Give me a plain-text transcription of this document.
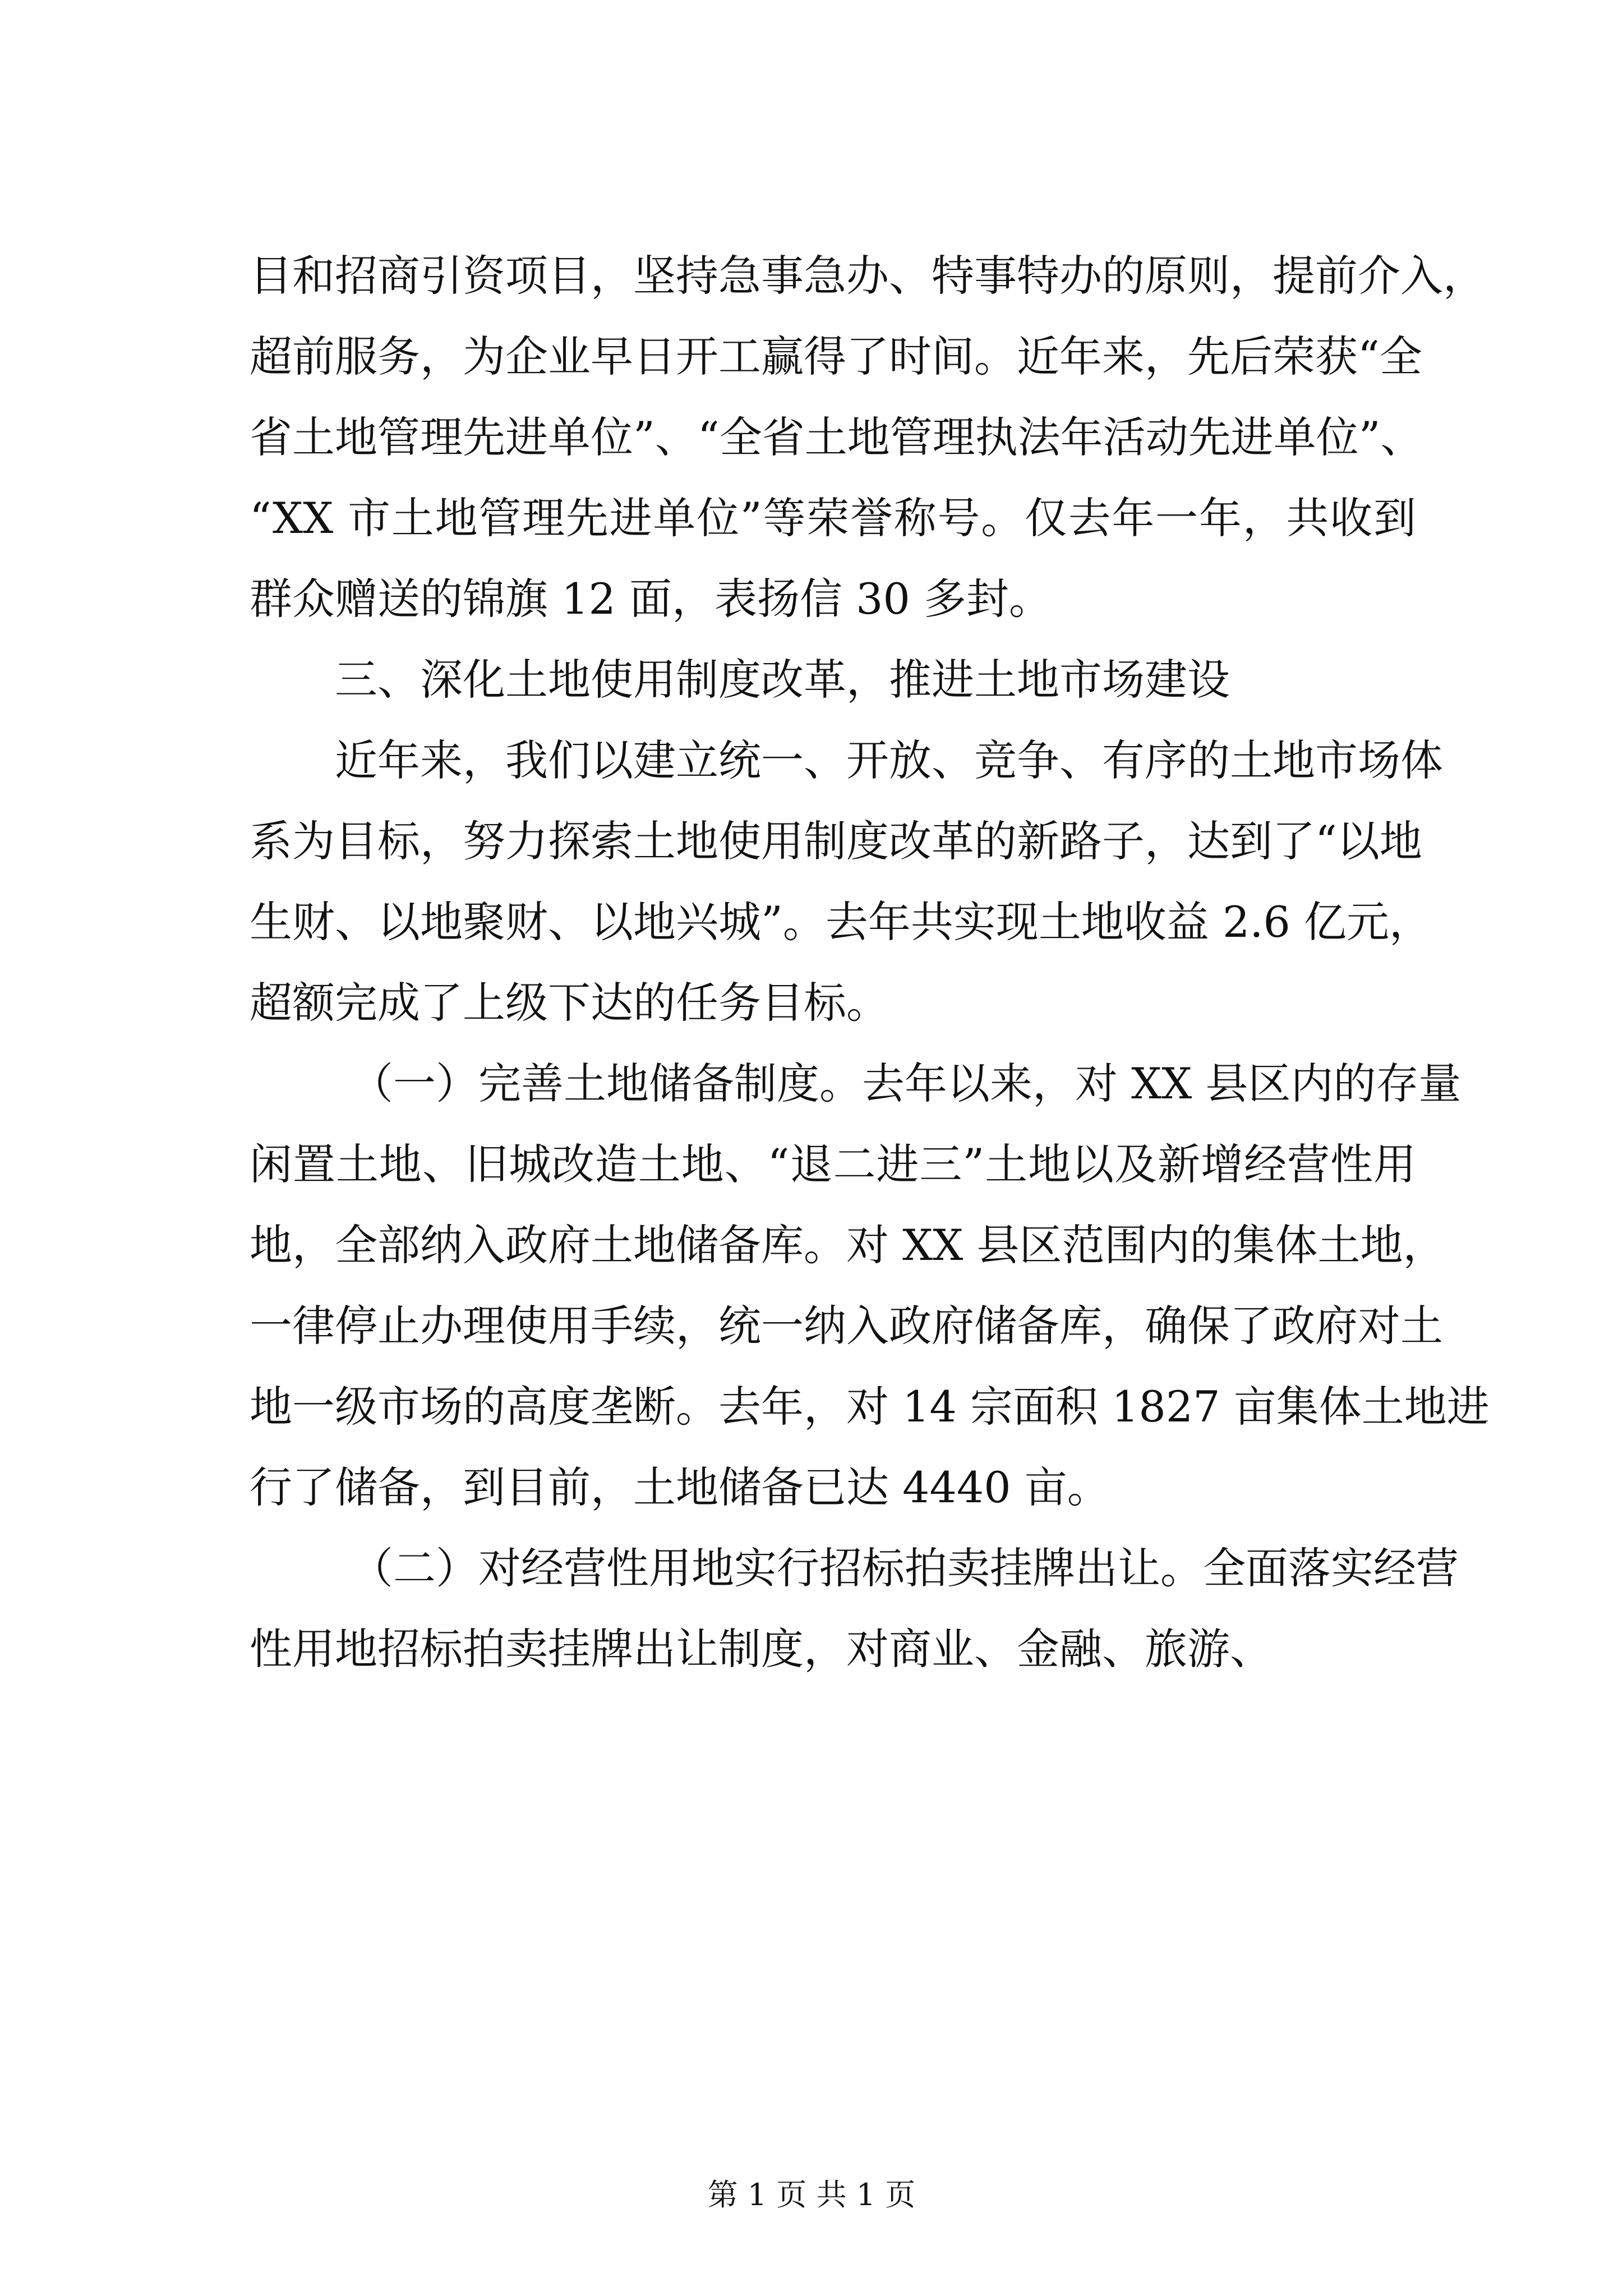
目和招商引资项目，坚持急事急办、特事特办的原则，提前介入，
超前服务，为企业早日开工赢得了时间。近年来，先后荣获“全
省土地管理先进单位”、“全省土地管理执法年活动先进单位”、
“XX 市土地管理先进单位”等荣誉称号。仅去年一年，共收到
群众赠送的锦旗 12 面，表扬信 30 多封。
三、深化土地使用制度改革，推进土地市场建设
近年来，我们以建立统一、开放、竞争、有序的土地市场体
系为目标，努力探索土地使用制度改革的新路子，达到了“以地
生财、以地聚财、以地兴城”。去年共实现土地收益 2.6 亿元，
超额完成了上级下达的任务目标。
（一）完善土地储备制度。去年以来，对 XX 县区内的存量
闲置土地、旧城改造土地、“退二进三”土地以及新增经营性用
地，全部纳入政府土地储备库。对 XX 县区范围内的集体土地，
一律停止办理使用手续，统一纳入政府储备库，确保了政府对土
地一级市场的高度垄断。去年，对 14 宗面积 1827 亩集体土地进
行了储备，到目前，土地储备已达 4440 亩。
（二）对经营性用地实行招标拍卖挂牌出让。全面落实经营
性用地招标拍卖挂牌出让制度，对商业、金融、旅游、
第 1 页 共 1 页
